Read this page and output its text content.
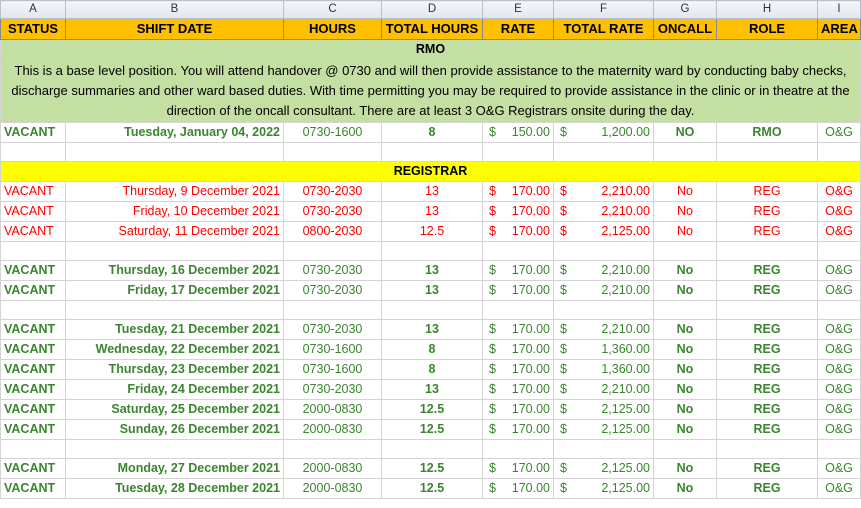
A	B	C	D	E	F	G	H	I
STATUS	SHIFT DATE	HOURS	TOTAL HOURS	RATE	TOTAL RATE	ONCALL	ROLE	AREA
RMO								
This is a base level position. You will attend handover @ 0730 and will then provide assistance to the maternity ward by conducting baby checks, discharge summaries and other ward based duties. With time permitting you may be required to provide assistance in the clinic or in theatre at the direction of the oncall consultant. There are at least 3 O&G Registrars onsite during the day.								
VACANT	Tuesday, January 04, 2022	0730-1600	8	$ 150.00	$ 1,200.00	NO	RMO	O&G

REGISTRAR								
VACANT	Thursday, 9 December 2021	0730-2030	13	$ 170.00	$ 2,210.00	No	REG	O&G
VACANT	Friday, 10 December 2021	0730-2030	13	$ 170.00	$ 2,210.00	No	REG	O&G
VACANT	Saturday, 11 December 2021	0800-2030	12.5	$ 170.00	$ 2,125.00	No	REG	O&G

VACANT	Thursday, 16 December 2021	0730-2030	13	$ 170.00	$ 2,210.00	No	REG	O&G
VACANT	Friday, 17 December 2021	0730-2030	13	$ 170.00	$ 2,210.00	No	REG	O&G

VACANT	Tuesday, 21 December 2021	0730-2030	13	$ 170.00	$ 2,210.00	No	REG	O&G
VACANT	Wednesday, 22 December 2021	0730-1600	8	$ 170.00	$ 1,360.00	No	REG	O&G
VACANT	Thursday, 23 December 2021	0730-1600	8	$ 170.00	$ 1,360.00	No	REG	O&G
VACANT	Friday, 24 December 2021	0730-2030	13	$ 170.00	$ 2,210.00	No	REG	O&G
VACANT	Saturday, 25 December 2021	2000-0830	12.5	$ 170.00	$ 2,125.00	No	REG	O&G
VACANT	Sunday, 26 December 2021	2000-0830	12.5	$ 170.00	$ 2,125.00	No	REG	O&G

VACANT	Monday, 27 December 2021	2000-0830	12.5	$ 170.00	$ 2,125.00	No	REG	O&G
VACANT	Tuesday, 28 December 2021	2000-0830	12.5	$ 170.00	$ 2,125.00	No	REG	O&G
